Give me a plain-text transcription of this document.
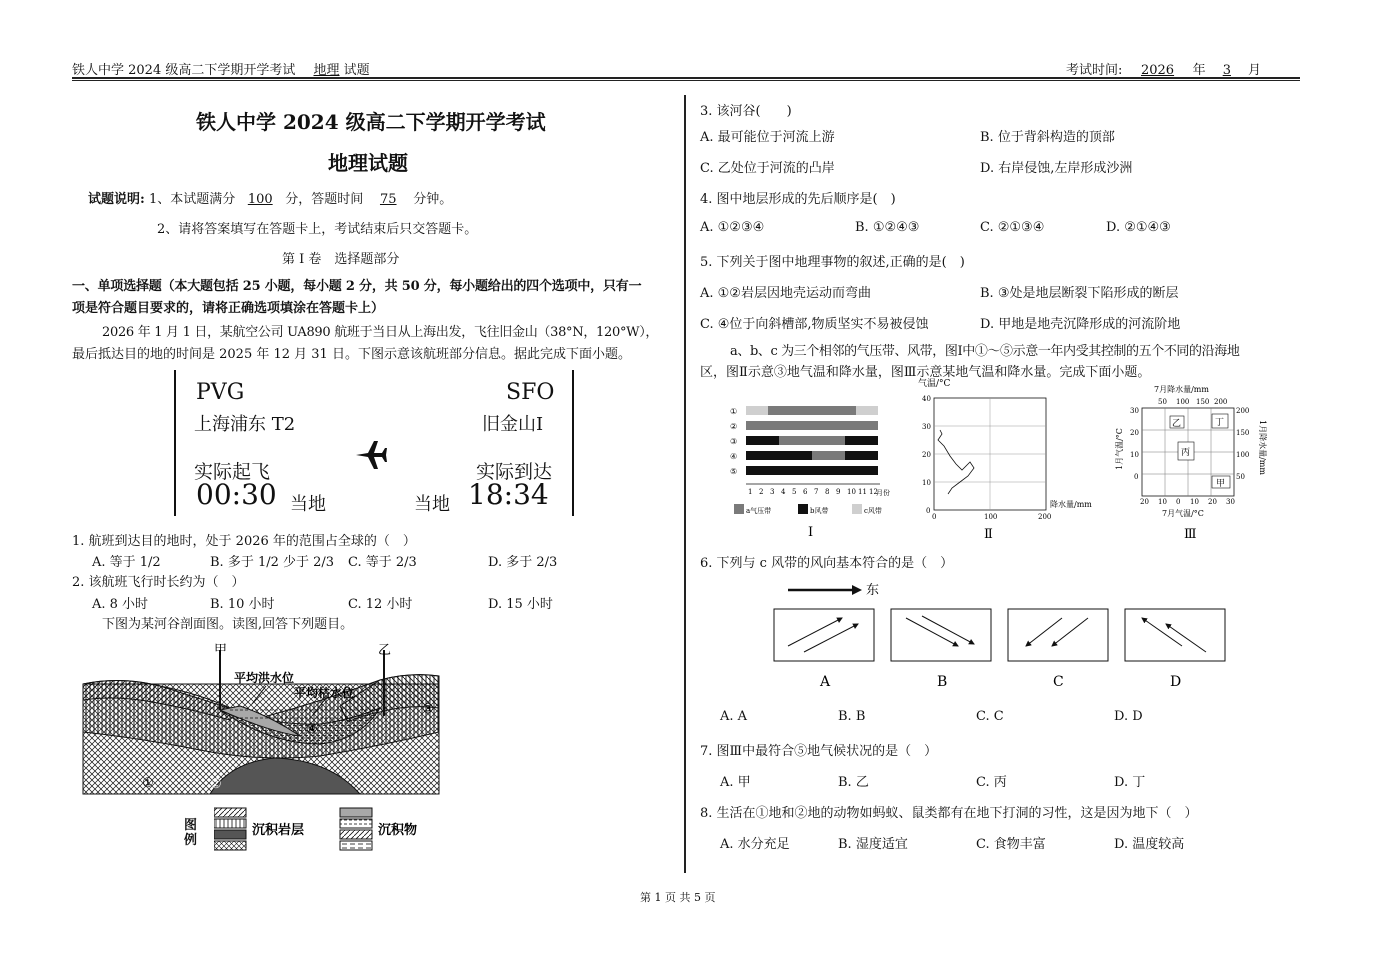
铁人中学 2024 级高二下学期开学考试 地理 试题	考试时间: 2026 年 3 月
铁人中学 2024 级高二下学期开学考试
地理试题
试题说明: 1、本试题满分 100 分，答题时间 75 分钟。
2、请将答案填写在答题卡上，考试结束后只交答题卡。
第 I 卷　选择题部分
一、单项选择题（本大题包括 25 小题，每小题 2 分，共 50 分，每小题给出的四个选项中，只有一
项是符合题目要求的，请将正确选项填涂在答题卡上）
2026 年 1 月 1 日，某航空公司 UA890 航班于当日从上海出发，飞往旧金山（38°N，120°W），
最后抵达目的地的时间是 2025 年 12 月 31 日。下图示意该航班部分信息。据此完成下面小题。
PVG
上海浦东 T2
SFO
旧金山I
实际起飞
00:30 当地
实际到达
当地 18:34
1. 航班到达目的地时，处于 2026 年的范围占全球的（　）
A. 等于 1/2	B. 多于 1/2 少于 2/3 C. 等于 2/3	D. 多于 2/3
2. 该航班飞行时长约为（　）
A. 8 小时	B. 10 小时	C. 12 小时	D. 15 小时
下图为某河谷剖面图。读图,回答下列题目。
甲	乙
平均洪水位
平均枯水位
①	②
③
④
图
例
沉积岩层	沉积物
3. 该河谷(　　)
A. 最可能位于河流上游	B. 位于背斜构造的顶部
C. 乙处位于河流的凸岸	D. 右岸侵蚀,左岸形成沙洲
4. 图中地层形成的先后顺序是(　)
A. ①②③④	B. ①②④③	C. ②①③④	D. ②①④③
5. 下列关于图中地理事物的叙述,正确的是(　)
A. ①②岩层因地壳运动而弯曲	B. ③处是地层断裂下陷形成的断层
C. ④位于向斜槽部,物质坚实不易被侵蚀	D. 甲地是地壳沉降形成的河流阶地
a、b、c 为三个相邻的气压带、风带，图Ⅰ中①～⑤示意一年内受其控制的五个不同的沿海地
区，图Ⅱ示意③地气温和降水量，图Ⅲ示意某地气温和降水量。完成下面小题。
①
②
③
④
⑤
1 2 3 4 5 6 7 8 9 10 11 12
月份
a气压带	b风带	c风带
Ⅰ
气温/°C
40
30
20
10
0
0	100	200
降水量/mm
Ⅱ
7月降水量/mm
50 100 150 200
乙	丁
丙
甲
30
20
10
0
1月气温/°C
200
150
100
50
1月降水量/mm
20 10 0 10 20 30
7月气温/°C
Ⅲ
6. 下列与 c 风带的风向基本符合的是（　）
东
A	B	C	D
A. A	B. B	C. C	D. D
7. 图Ⅲ中最符合⑤地气候状况的是（　）
A. 甲	B. 乙	C. 丙	D. 丁
8. 生活在①地和②地的动物如蚂蚁、鼠类都有在地下打洞的习性，这是因为地下（　）
A. 水分充足	B. 湿度适宜	C. 食物丰富	D. 温度较高
第 1 页 共 5 页
